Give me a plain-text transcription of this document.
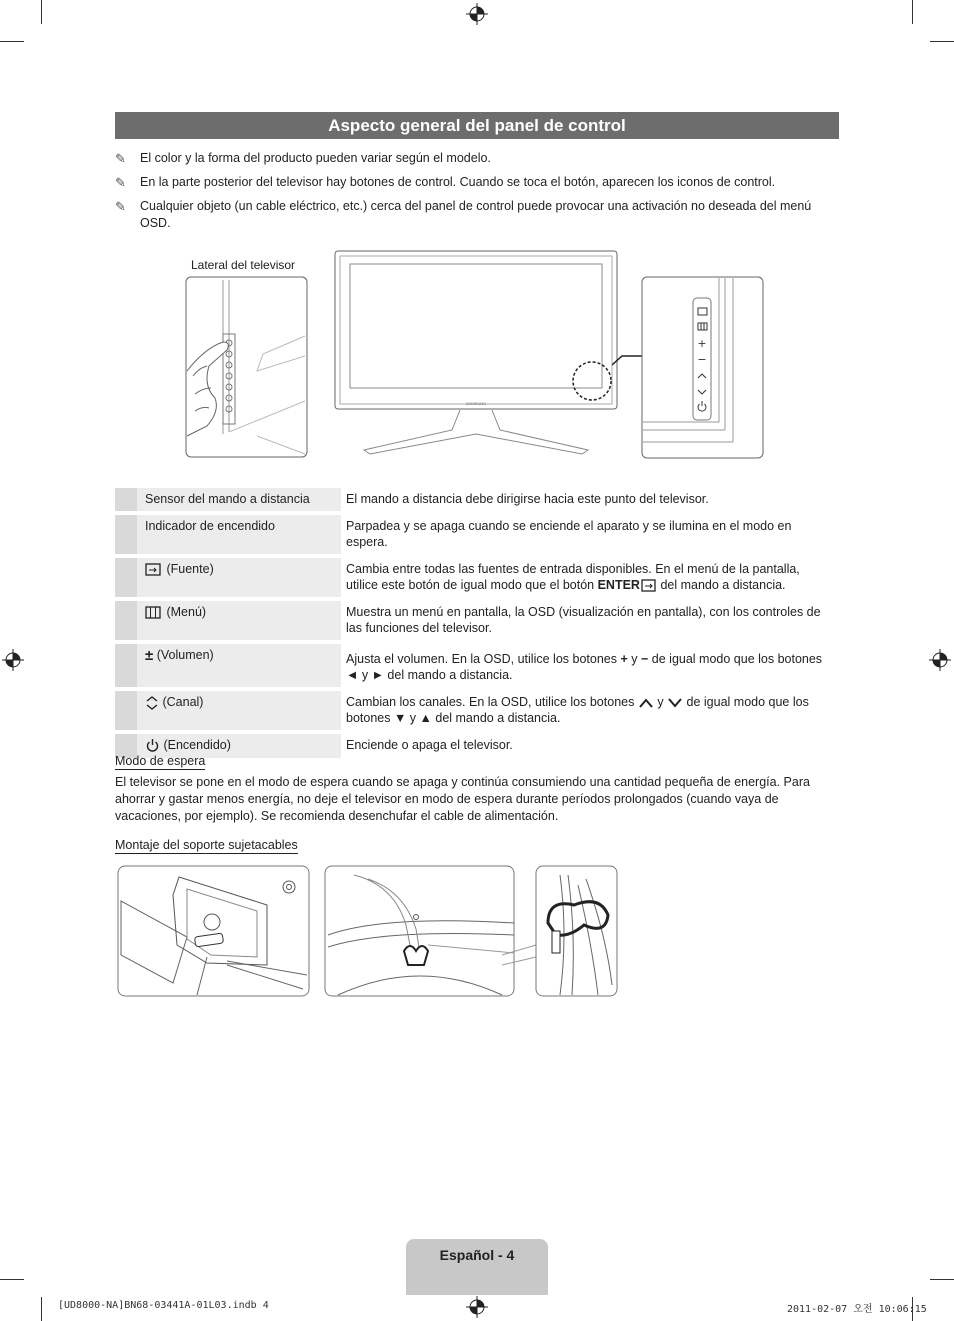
Aspecto general del panel de control
✎	El color y la forma del producto pueden variar según el modelo.
✎	En la parte posterior del televisor hay botones de control. Cuando se toca el botón, aparecen los iconos de control.
✎	Cualquier objeto (un cable eléctrico, etc.) cerca del panel de control puede provocar una activación no deseada del menú OSD.
Lateral del televisor
SAMSUNG
+
−
	Sensor del mando a distancia	El mando a distancia debe dirigirse hacia este punto del televisor.
	Indicador de encendido	Parpadea y se apaga cuando se enciende el aparato y se ilumina en el modo en espera.
	(Fuente)	Cambia entre todas las fuentes de entrada disponibles. En el menú de la pantalla, utilice este botón de igual modo que el botón ENTER del mando a distancia.
	(Menú)	Muestra un menú en pantalla, la OSD (visualización en pantalla), con los controles de las funciones del televisor.
	± (Volumen)	Ajusta el volumen. En la OSD, utilice los botones + y − de igual modo que los botones ◄ y ► del mando a distancia.
	(Canal)	Cambian los canales. En la OSD, utilice los botones y de igual modo que los botones ▼ y ▲ del mando a distancia.
	(Encendido)	Enciende o apaga el televisor.
Modo de espera
El televisor se pone en el modo de espera cuando se apaga y continúa consumiendo una cantidad pequeña de energía. Para ahorrar y gastar menos energía, no deje el televisor en modo de espera durante períodos prolongados (cuando vaya de vacaciones, por ejemplo). Se recomienda desenchufar el cable de alimentación.
Montaje del soporte sujetacables
Español - 4
[UD8000-NA]BN68-03441A-01L03.indb 4	2011-02-07 오전 10:06:15
